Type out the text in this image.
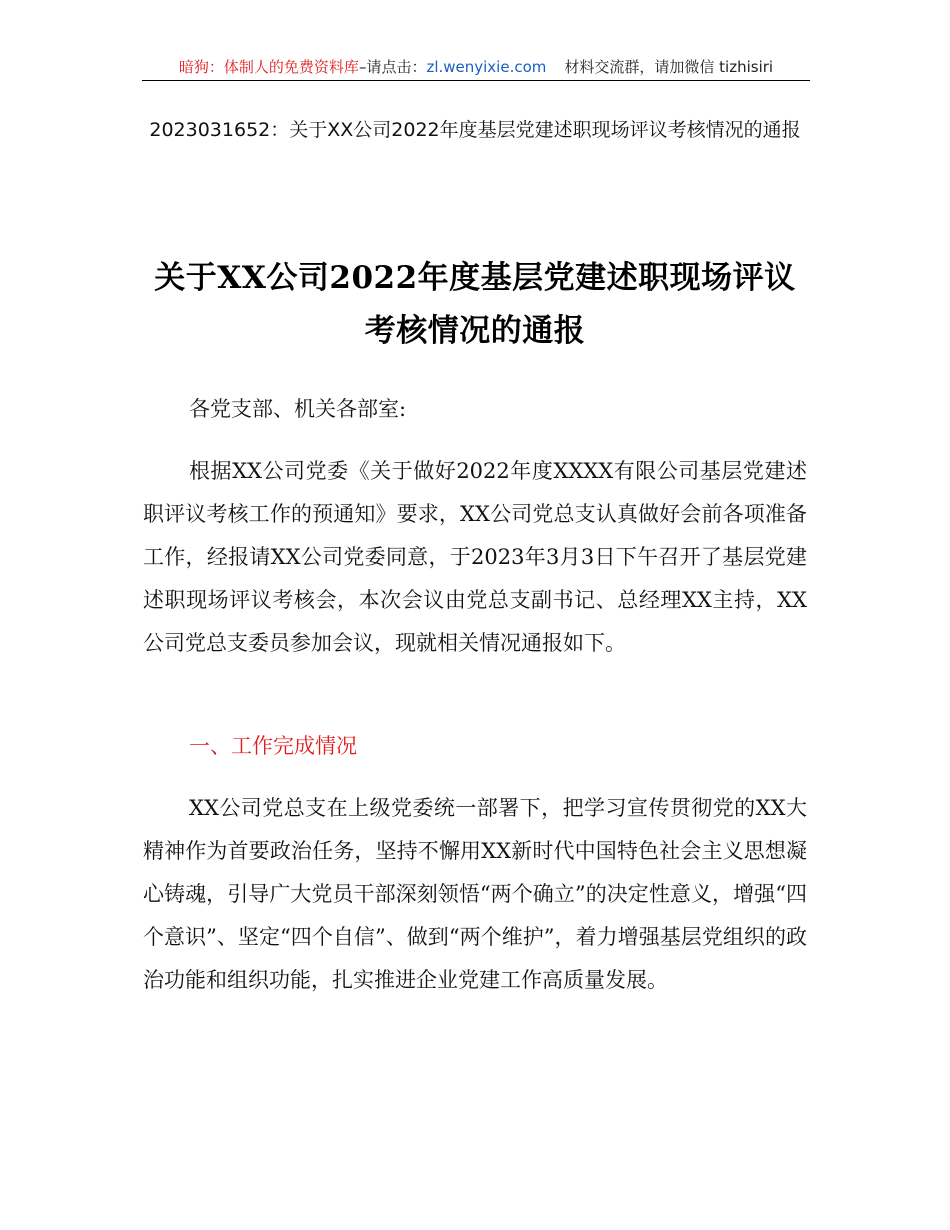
暗狗：体制人的免费资料库–请点击：zl.wenyixie.com 材料交流群，请加微信 tizhisiri
2023031652：关于XX公司2022年度基层党建述职现场评议考核情况的通报
关于XX公司2022年度基层党建述职现场评议考核情况的通报
各党支部、机关各部室:
根据XX公司党委《关于做好2022年度XXXX有限公司基层党建述职评议考核工作的预通知》要求，XX公司党总支认真做好会前各项准备工作，经报请XX公司党委同意，于2023年3月3日下午召开了基层党建述职现场评议考核会，本次会议由党总支副书记、总经理XX主持，XX公司党总支委员参加会议，现就相关情况通报如下。
一、工作完成情况
XX公司党总支在上级党委统一部署下，把学习宣传贯彻党的XX大精神作为首要政治任务，坚持不懈用XX新时代中国特色社会主义思想凝心铸魂，引导广大党员干部深刻领悟“两个确立”的决定性意义，增强“四个意识”、坚定“四个自信”、做到“两个维护”，着力增强基层党组织的政治功能和组织功能，扎实推进企业党建工作高质量发展。
